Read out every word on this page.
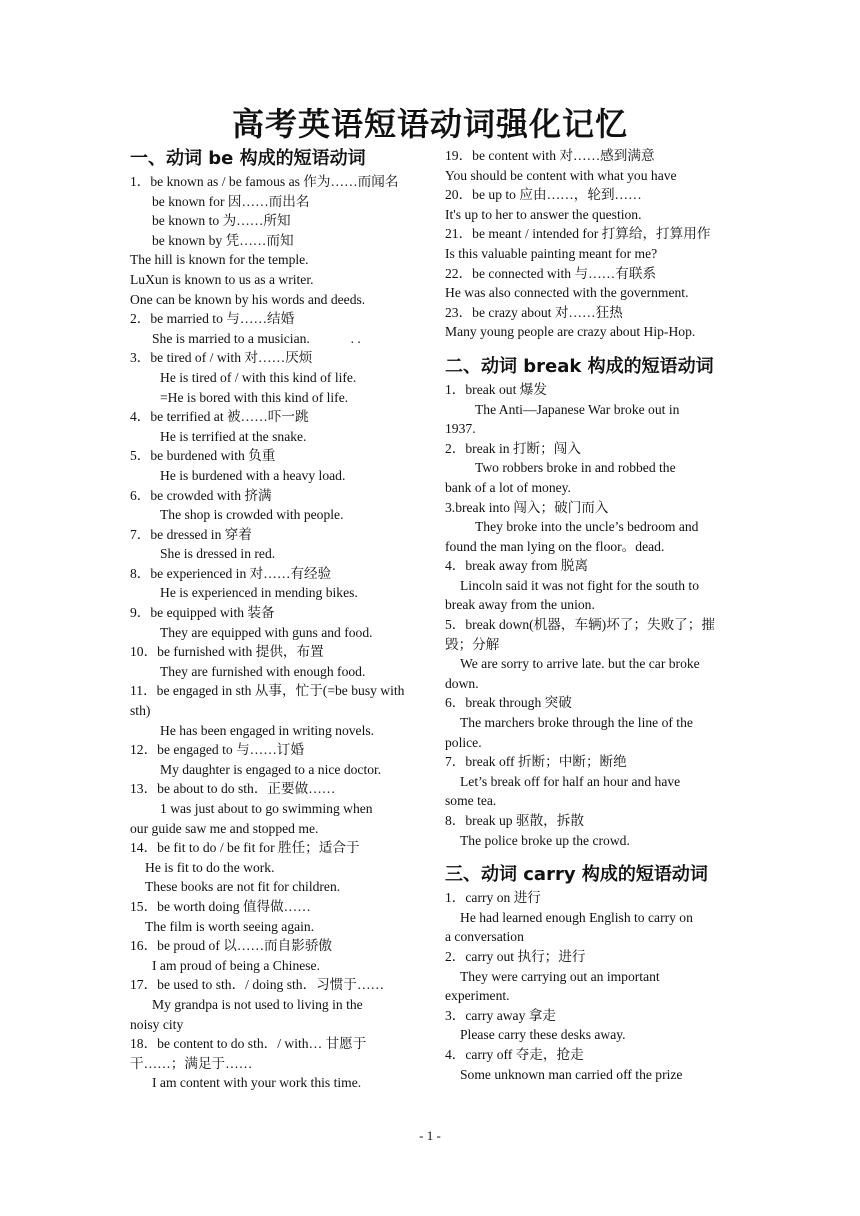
高考英语短语动词强化记忆

一、动词 be 构成的短语动词

1．be known as / be famous as 作为……而闻名

be known for 因……而出名

be known to 为……所知

be known by 凭……而知

The hill is known for the temple.

LuXun is known to us as a writer.

One can be known by his words and deeds.

2．be married to 与……结婚

She is married to a musician.　　　. .

3．be tired of / with 对……厌烦

He is tired of / with this kind of life.

=He is bored with this kind of life.

4．be terrified at 被……吓一跳

He is terrified at the snake.

5．be burdened with 负重

He is burdened with a heavy load.

6．be crowded with 挤满

The shop is crowded with people.

7．be dressed in 穿着

She is dressed in red.

8．be experienced in 对……有经验

He is experienced in mending bikes.

9．be equipped with 装备

They are equipped with guns and food.

10．be furnished with 提供，布置

They are furnished with enough food.

11．be engaged in sth 从事，忙于(=be busy with sth)

He has been engaged in writing novels.

12．be engaged to 与……订婚

My daughter is engaged to a nice doctor.

13．be about to do sth．正要做……

1 was just about to go swimming when

our guide saw me and stopped me.

14．be fit to do / be fit for 胜任；适合于

He is fit to do the work.

These books are not fit for children.

15．be worth doing 值得做……

The film is worth seeing again.

16．be proud of 以……而自影骄傲

I am proud of being a Chinese.

17．be used to sth．/ doing sth．习惯于……

My grandpa is not used to living in the

noisy city

18．be content to do sth．/ with… 甘愿于干……；满足于……

I am content with your work this time.

19．be content with 对……感到满意

You should be content with what you have

20．be up to 应由……，轮到……

It's up to her to answer the question.

21．be meant / intended for 打算给，打算用作

Is this valuable painting meant for me?

22．be connected with 与……有联系

He was also connected with the government.

23．be crazy about 对……狂热

Many young people are crazy about Hip-Hop.

二、动词 break 构成的短语动词

1．break out 爆发

The Anti—Japanese War broke out in

1937.

2．break in 打断；闯入

Two robbers broke in and robbed the

bank of a lot of money.

3.break into 闯入；破门而入

They broke into the uncle’s bedroom and

found the man lying on the floor。dead.

4．break away from 脱离

Lincoln said it was not fight for the south to

break away from the union.

5．break down(机器，车辆)坏了；失败了；摧毁；分解

We are sorry to arrive late. but the car broke

down.

6．break through 突破

The marchers broke through the line of the

police.

7．break off 折断；中断；断绝

Let’s break off for half an hour and have

some tea.

8．break up 驱散，拆散

The police broke up the crowd.

三、动词 carry 构成的短语动词

1．carry on 进行

He had learned enough English to carry on

a conversation

2．carry out 执行；进行

They were carrying out an important

experiment.

3．carry away 拿走

Please carry these desks away.

4．carry off 夺走，抢走

Some unknown man carried off the prize

- 1 -
